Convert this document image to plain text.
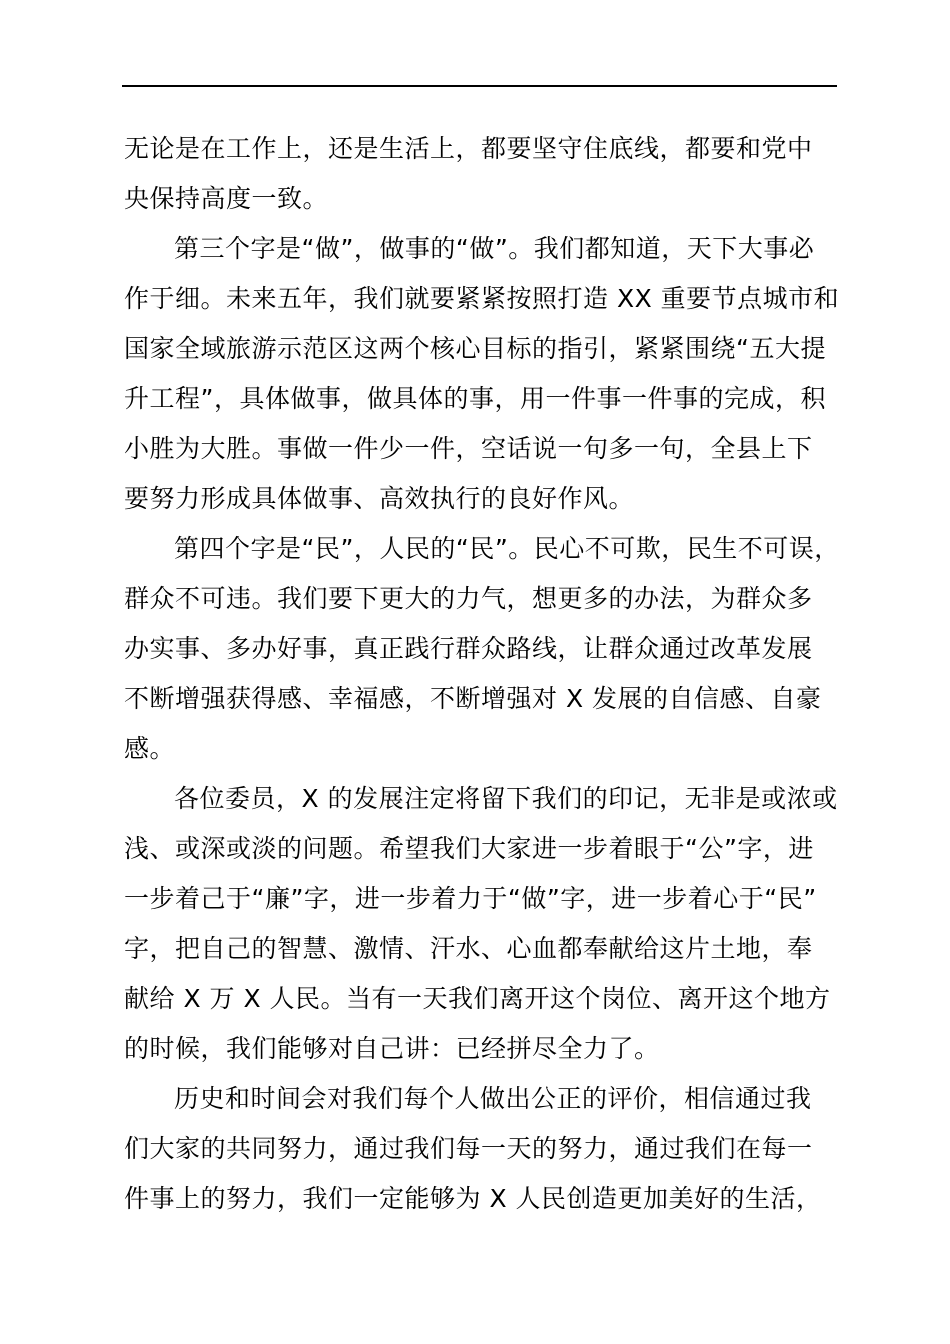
无论是在工作上，还是生活上，都要坚守住底线，都要和党中
央保持高度一致。
第三个字是“做”，做事的“做”。我们都知道，天下大事必
作于细。未来五年，我们就要紧紧按照打造 XX 重要节点城市和
国家全域旅游示范区这两个核心目标的指引，紧紧围绕“五大提
升工程”，具体做事，做具体的事，用一件事一件事的完成，积
小胜为大胜。事做一件少一件，空话说一句多一句，全县上下
要努力形成具体做事、高效执行的良好作风。
第四个字是“民”，人民的“民”。民心不可欺，民生不可误，
群众不可违。我们要下更大的力气，想更多的办法，为群众多
办实事、多办好事，真正践行群众路线，让群众通过改革发展
不断增强获得感、幸福感，不断增强对 X 发展的自信感、自豪
感。
各位委员，X 的发展注定将留下我们的印记，无非是或浓或
浅、或深或淡的问题。希望我们大家进一步着眼于“公”字，进
一步着己于“廉”字，进一步着力于“做”字，进一步着心于“民”
字，把自己的智慧、激情、汗水、心血都奉献给这片土地，奉
献给 X 万 X 人民。当有一天我们离开这个岗位、离开这个地方
的时候，我们能够对自己讲：已经拼尽全力了。
历史和时间会对我们每个人做出公正的评价，相信通过我
们大家的共同努力，通过我们每一天的努力，通过我们在每一
件事上的努力，我们一定能够为 X 人民创造更加美好的生活，
